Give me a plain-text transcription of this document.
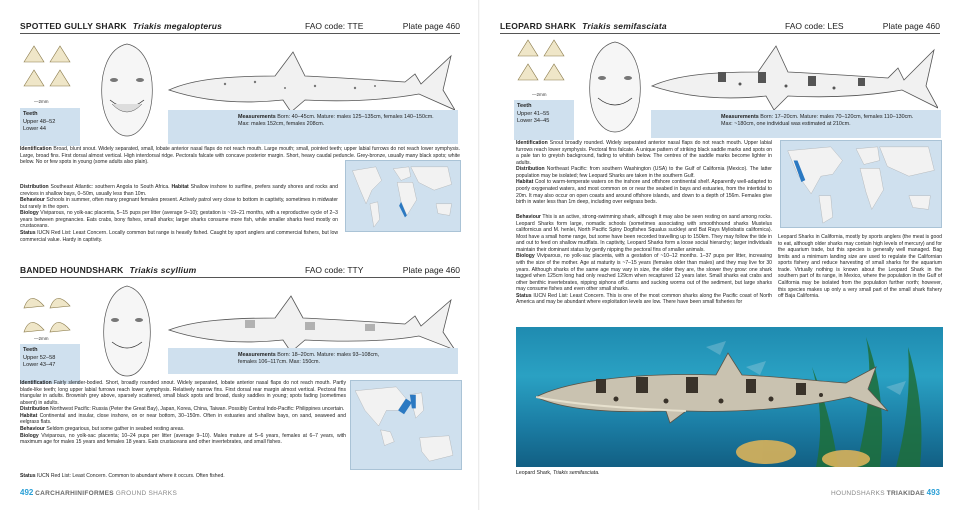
SPOTTED GULLY SHARK Triakis megalopterus	FAO code: TTE	Plate page 460
—2mm
Teeth
Upper 48–52
Lower 44
Measurements Born: 40–45cm. Mature: males 125–135cm, females 140–150cm.
Max: males 152cm, females 208cm.

Identification Broad, blunt snout. Widely separated, small, lobate anterior nasal flaps do not reach mouth. Large mouth; small, pointed teeth; upper labial furrows do not reach lower symphysis. Large, broad fins. First dorsal almost vertical. High interdorsal ridge. Pectorals falcate with concave posterior margin. Short, heavy caudal peduncle. Grey-bronze, usually many black spots; white below. No or few spots in young (some adults also plain).

Distribution Southeast Atlantic: southern Angola to South Africa. Habitat Shallow inshore to surfline, prefers sandy shores and rocks and crevices in shallow bays, 0–50m, usually less than 10m.

Behaviour Schools in summer, often many pregnant females present. Actively patrol very close to bottom in captivity, sometimes in midwater but rarely in the open.

Biology Viviparous, no yolk-sac placenta, 5–15 pups per litter (average 9–10); gestation is ~19–21 months, with a reproductive cycle of 2–3 years between pregnancies. Eats crabs, bony fishes, small sharks; larger sharks consume more fish, while smaller sharks feed mostly on crustaceans.

Status IUCN Red List: Least Concern. Locally common but range is heavily fished. Caught by sport anglers and commercial fishers, but low commercial value. Hardy in captivity.

BANDED HOUNDSHARK Triakis scyllium	FAO code: TTY	Plate page 460
—2mm
Teeth
Upper 52–58
Lower 43–47
Measurements Born: 18–20cm. Mature: males 93–108cm,
females 106–117cm. Max: 150cm.

Identification Fairly slender-bodied. Short, broadly rounded snout. Widely separated, lobate anterior nasal flaps do not reach mouth. Partly blade-like teeth; long upper labial furrows reach lower symphysis. Relatively narrow fins. First dorsal rear margin almost vertical. Pectoral fins triangular in adults. Brownish grey above, sparsely scattered, small black spots and broad, dusky saddles in young; spots fading (sometimes absent) in adults.

Distribution Northwest Pacific: Russia (Peter the Great Bay), Japan, Korea, China, Taiwan. Possibly Central Indo-Pacific: Philippines uncertain.

Habitat Continental and insular, close inshore, on or near bottom, 30–150m. Often in estuaries and shallow bays, on sand, seaweed and eelgrass flats.

Behaviour Seldom gregarious, but some gather in seabed resting areas.

Biology Viviparous, no yolk-sac placenta; 10–24 pups per litter (average 9–10). Males mature at 5–6 years, females at 6–7 years, with maximum age for males 15 years and females 18 years. Eats crustaceans and other invertebrates, and small fishes.

Status IUCN Red List: Least Concern. Common to abundant where it occurs. Often fished.

492 CARCHARHINIFORMES GROUND SHARKS
LEOPARD SHARK Triakis semifasciata	FAO code: LES	Plate page 460
—2mm
Teeth
Upper 41–55
Lower 34–45
Measurements Born: 17–20cm. Mature: males 70–120cm, females 110–130cm.
Max: ~180cm, one individual was estimated at 210cm.

Identification Snout broadly rounded. Widely separated anterior nasal flaps do not reach mouth. Upper labial furrows reach lower symphysis. Pectoral fins falcate. A unique pattern of striking black saddle marks and spots on a pale tan to greyish background, fading to whitish below. The centres of the saddle marks become lighter in adults.

Distribution Northeast Pacific: from southern Washington (USA) to the Gulf of California (Mexico). The latter population may be isolated; few Leopard Sharks are taken in the southern Gulf.

Habitat Cool to warm-temperate waters on the inshore and offshore continental shelf. Apparently well-adapted to poorly oxygenated waters, and most common on or near the seabed in bays and estuaries, from the intertidal to 20m. It may also occur on open coasts and around offshore islands, and down to a depth of 156m. Females give birth in water less than 1m deep, including over eelgrass beds.

Behaviour This is an active, strong-swimming shark, although it may also be seen resting on sand among rocks. Leopard Sharks form large, nomadic schools (sometimes associating with smoothhound sharks Mustelus californicus and M. henlei, North Pacific Spiny Dogfishes Squalus suckleyi and Bat Rays Myliobatis californica). Most have a small home range, but some have been recorded travelling up to 150km. They may follow the tide in and out to feed on shallow mudflats. In captivity, Leopard Sharks form a loose social hierarchy; larger individuals maintain their dominant status by gently nipping the pectoral fins of smaller animals.

Biology Viviparous, no yolk-sac placenta, with a gestation of ~10–12 months. 1–37 pups per litter, increasing with the size of the mother. Age at maturity is ~7–15 years (females older than males) and they may live for 30 years. Although sharks of the same age may vary in size, the older they are, the slower they grow: one shark tagged when 125cm long had only reached 129cm when recaptured 12 years later. Small sharks eat crabs and other benthic invertebrates, nipping siphons off clams and sucking worms out of the sediment, but large sharks may consume fishes and even other small sharks.

Status IUCN Red List: Least Concern. This is one of the most common sharks along the Pacific coast of North America and may be abundant where exploitation levels are low. There have been small fisheries for

Leopard Sharks in California, mostly by sports anglers (the meat is good to eat, although older sharks may contain high levels of mercury) and for the aquarium trade, but this species is generally well managed. Bag limits and a minimum landing size are used to regulate the Californian sports fishery and reduce harvesting of small sharks for the aquarium trade. Virtually nothing is known about the Leopard Shark in the southern part of its range, in Mexico, where the population in the Gulf of California may be isolated from the population further north; however, this species makes up only a very small part of the small shark fishery off Baja California.

Leopard Shark, Triakis semifasciata.
HOUNDSHARKS TRIAKIDAE 493
